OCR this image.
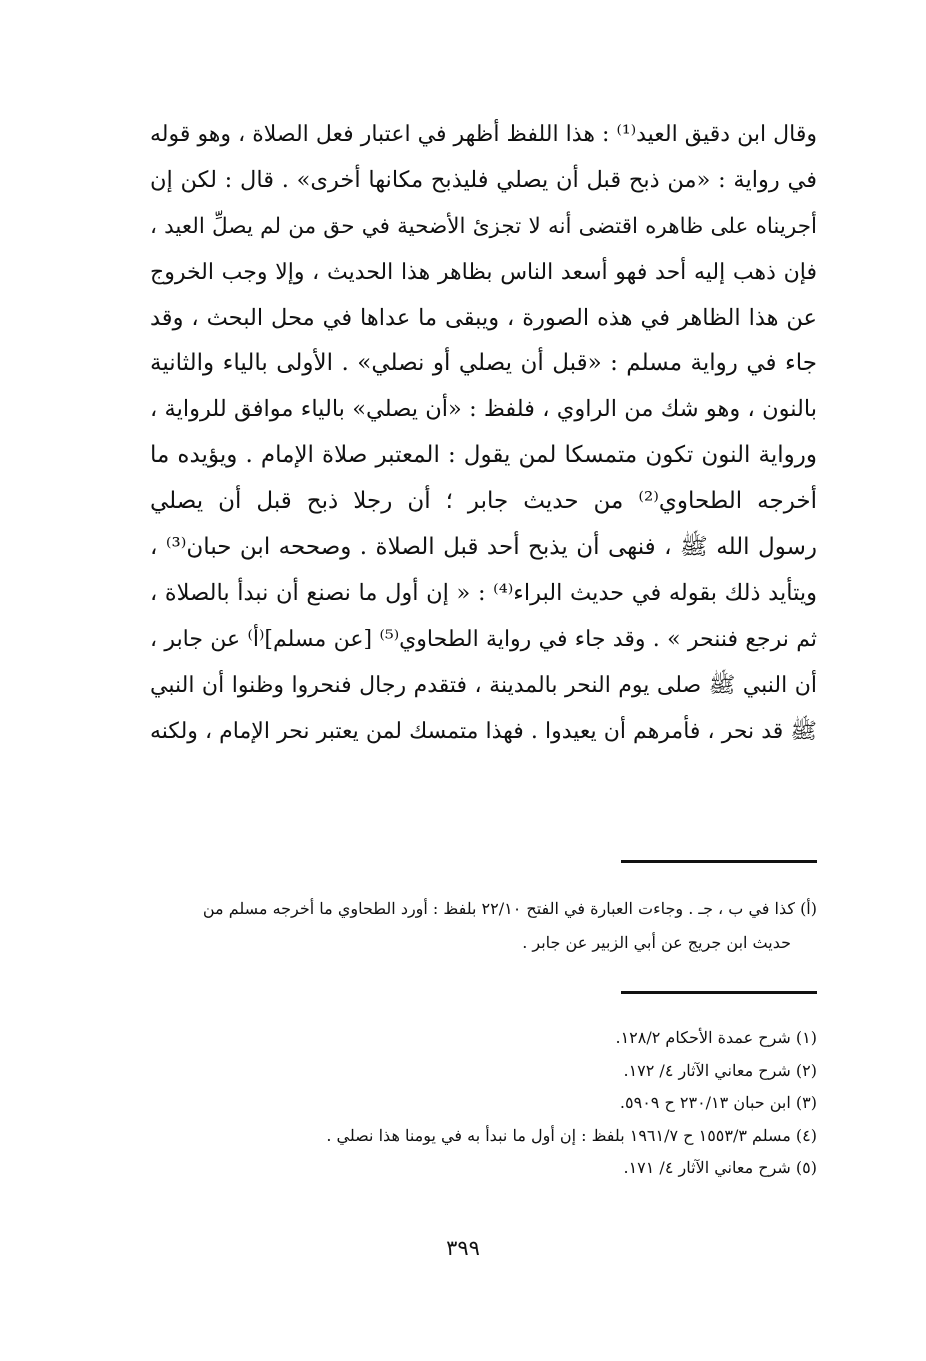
وقال ابن دقيق العيد⁽¹⁾ : هذا اللفظ أظهر في اعتبار فعل الصلاة ، وهو قوله
في رواية : «من ذبح قبل أن يصلي فليذبح مكانها أخرى» . قال : لكن إن
أجريناه على ظاهره اقتضى أنه لا تجزئ الأضحية في حق من لم يصلِّ العيد ،
فإن ذهب إليه أحد فهو أسعد الناس بظاهر هذا الحديث ، وإلا وجب الخروج
عن هذا الظاهر في هذه الصورة ، ويبقى ما عداها في محل البحث ، وقد
جاء في رواية مسلم : «قبل أن يصلي أو نصلي» . الأولى بالياء والثانية
بالنون ، وهو شك من الراوي ، فلفظ : «أن يصلي» بالياء موافق للرواية ،
ورواية النون تكون متمسكا لمن يقول : المعتبر صلاة الإمام . ويؤيده ما
أخرجه الطحاوي⁽²⁾ من حديث جابر ؛ أن رجلا ذبح قبل أن يصلي
رسول الله ﷺ ، فنهى أن يذبح أحد قبل الصلاة . وصححه ابن حبان⁽³⁾ ،
ويتأيد ذلك بقوله في حديث البراء⁽⁴⁾ : « إن أول ما نصنع أن نبدأ بالصلاة ،
ثم نرجع فننحر » . وقد جاء في رواية الطحاوي⁽⁵⁾ [عن مسلم]⁽أ⁾ عن جابر ،
أن النبي ﷺ صلى يوم النحر بالمدينة ، فتقدم رجال فنحروا وظنوا أن النبي
ﷺ قد نحر ، فأمرهم أن يعيدوا . فهذا متمسك لمن يعتبر نحر الإمام ، ولكنه
(أ) كذا في ب ، جـ . وجاءت العبارة في الفتح ٢٢/١٠ بلفظ : أورد الطحاوي ما أخرجه مسلم من
حديث ابن جريج عن أبي الزبير عن جابر .
(١) شرح عمدة الأحكام ١٢٨/٢.
(٢) شرح معاني الآثار ٤/ ١٧٢.
(٣) ابن حبان ٢٣٠/١٣ ح ٥٩٠٩.
(٤) مسلم ١٥٥٣/٣ ح ١٩٦١/٧ بلفظ : إن أول ما نبدأ به في يومنا هذا نصلي .
(٥) شرح معاني الآثار ٤/ ١٧١.
٣٩٩
